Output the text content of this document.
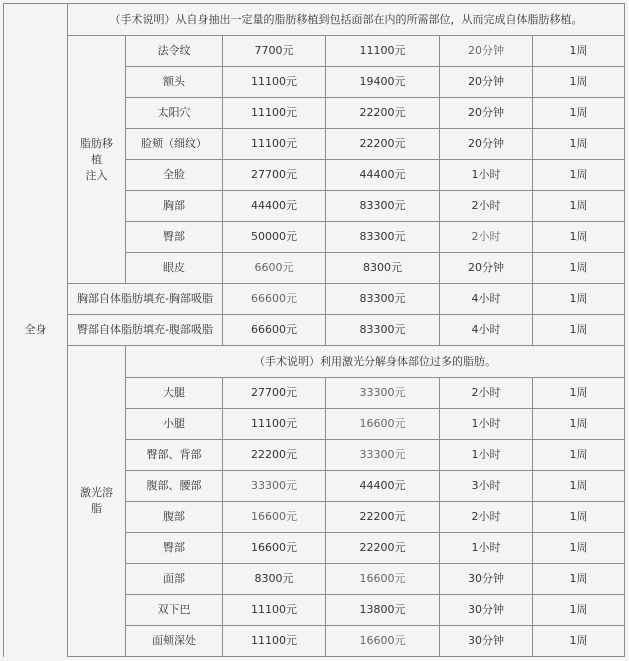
全身	（手术说明）从自身抽出一定量的脂肪移植到包括面部在内的所需部位，从而完成自体脂肪移植。					

	脂肪移
植
注入	法令纹	7700元	11100元	20分钟	1周
		额头	11100元	19400元	20分钟	1周
		太阳穴	11100元	22200元	20分钟	1周
		脸颊（细纹）	11100元	22200元	20分钟	1周
		全脸	27700元	44400元	1小时	1周
		胸部	44400元	83300元	2小时	1周
		臀部	50000元	83300元	2小时	1周
		眼皮	6600元	8300元	20分钟	1周
	胸部自体脂肪填充-胸部吸脂		66600元	83300元	4小时	1周
	臀部自体脂肪填充-腹部吸脂		66600元	83300元	4小时	1周

	激光溶
脂	（手术说明）利用激光分解身体部位过多的脂肪。				
		大腿	27700元	33300元	2小时	1周
		小腿	11100元	16600元	1小时	1周
		臀部、背部	22200元	33300元	1小时	1周
		腹部、腰部	33300元	44400元	3小时	1周
		腹部	16600元	22200元	2小时	1周
		臀部	16600元	22200元	1小时	1周
		面部	8300元	16600元	30分钟	1周
		双下巴	11100元	13800元	30分钟	1周
		面颊深处	11100元	16600元	30分钟	1周
